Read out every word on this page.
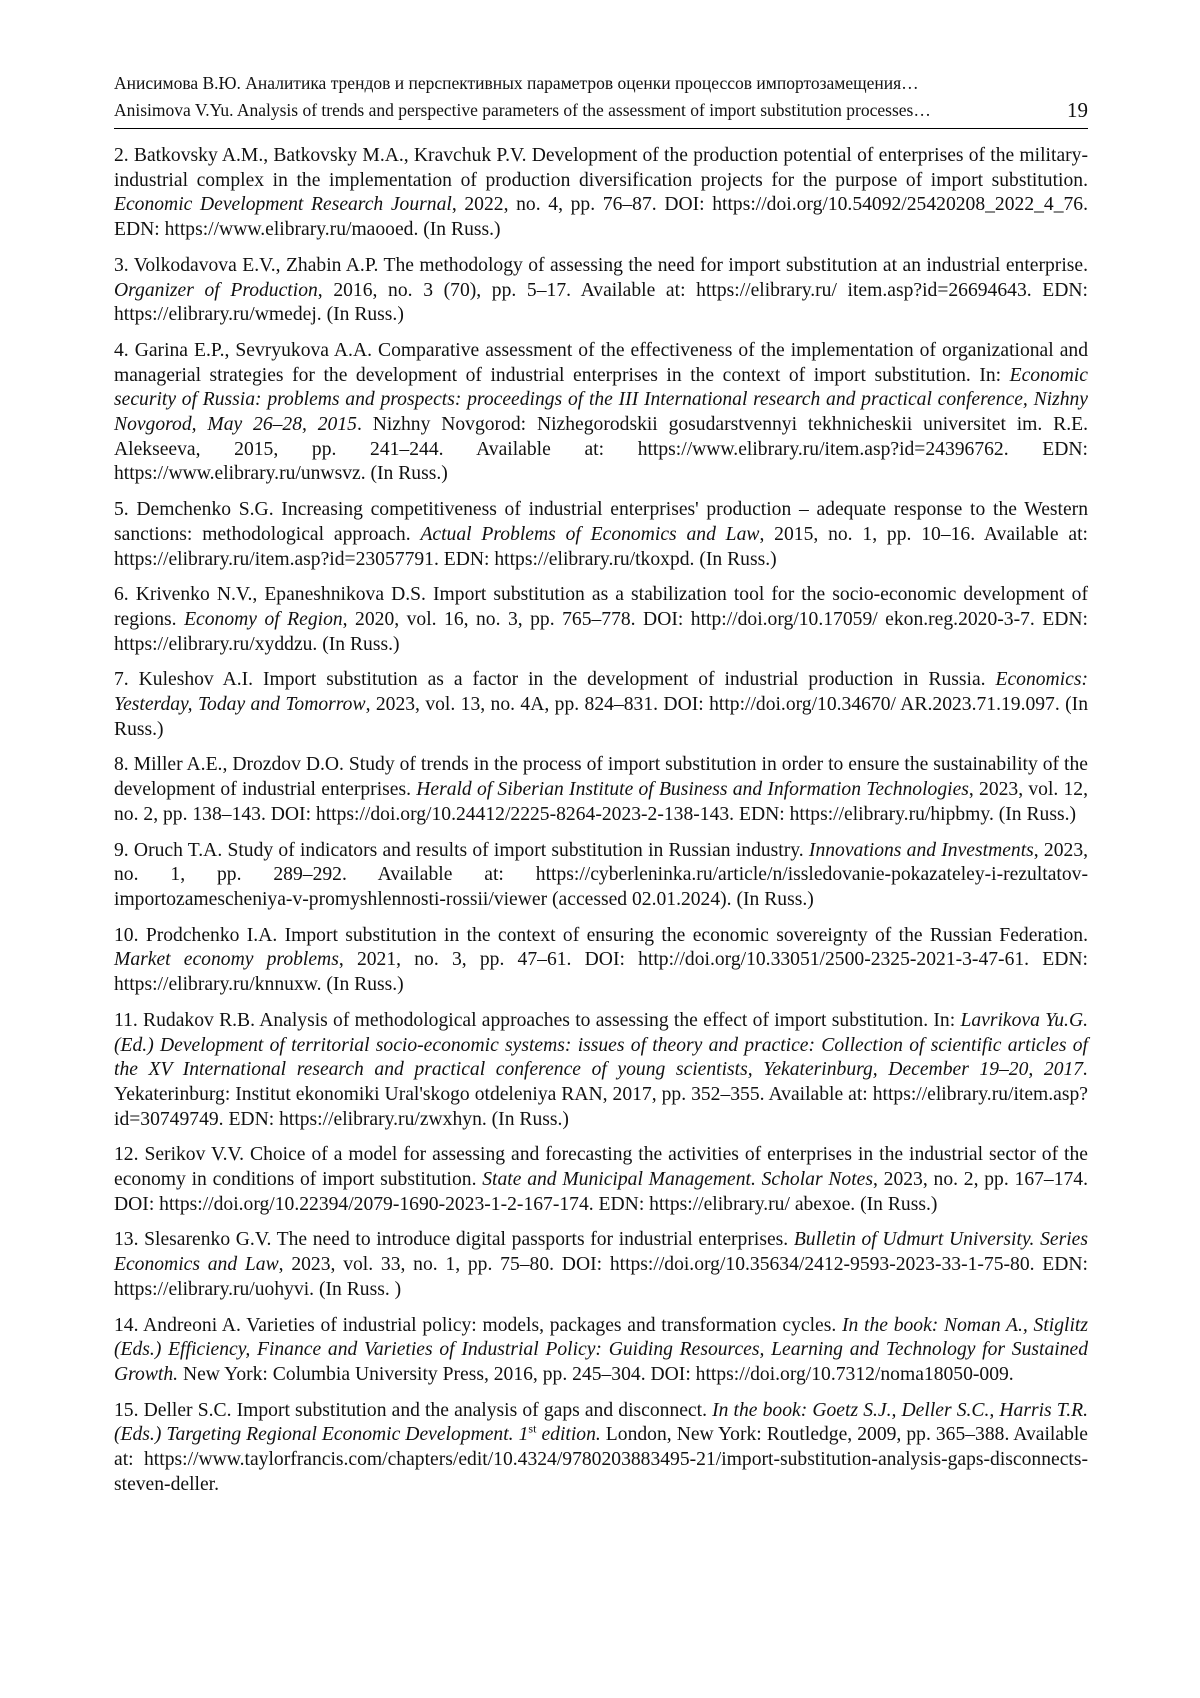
Анисимова В.Ю. Аналитика трендов и перспективных параметров оценки процессов импортозамещения…
Anisimova V.Yu. Analysis of trends and perspective parameters of the assessment of import substitution processes…	19

2. Batkovsky A.M., Batkovsky M.A., Kravchuk P.V. Development of the production potential of enterprises of the military-industrial complex in the implementation of production diversification projects for the purpose of import substitution. Economic Development Research Journal, 2022, no. 4, pp. 76–87. DOI: https://doi.org/10.54092/25420208_2022_4_76. EDN: https://www.elibrary.ru/maooed. (In Russ.)

3. Volkodavova E.V., Zhabin A.P. The methodology of assessing the need for import substitution at an industrial enterprise. Organizer of Production, 2016, no. 3 (70), pp. 5–17. Available at: https://elibrary.ru/ item.asp?id=26694643. EDN: https://elibrary.ru/wmedej. (In Russ.)

4. Garina E.P., Sevryukova A.A. Comparative assessment of the effectiveness of the implementation of organizational and managerial strategies for the development of industrial enterprises in the context of import substitution. In: Economic security of Russia: problems and prospects: proceedings of the III International research and practical conference, Nizhny Novgorod, May 26–28, 2015. Nizhny Novgorod: Nizhegorodskii gosudarstvennyi tekhnicheskii universitet im. R.E. Alekseeva, 2015, pp. 241–244. Available at: https://www.elibrary.ru/item.asp?id=24396762. EDN: https://www.elibrary.ru/unwsvz. (In Russ.)

5. Demchenko S.G. Increasing competitiveness of industrial enterprises' production – adequate response to the Western sanctions: methodological approach. Actual Problems of Economics and Law, 2015, no. 1, pp. 10–16. Available at: https://elibrary.ru/item.asp?id=23057791. EDN: https://elibrary.ru/tkoxpd. (In Russ.)

6. Krivenko N.V., Epaneshnikova D.S. Import substitution as a stabilization tool for the socio-economic development of regions. Economy of Region, 2020, vol. 16, no. 3, pp. 765–778. DOI: http://doi.org/10.17059/ ekon.reg.2020-3-7. EDN: https://elibrary.ru/xyddzu. (In Russ.)

7. Kuleshov A.I. Import substitution as a factor in the development of industrial production in Russia. Economics: Yesterday, Today and Tomorrow, 2023, vol. 13, no. 4A, pp. 824–831. DOI: http://doi.org/10.34670/ AR.2023.71.19.097. (In Russ.)

8. Miller A.E., Drozdov D.O. Study of trends in the process of import substitution in order to ensure the sustainability of the development of industrial enterprises. Herald of Siberian Institute of Business and Information Technologies, 2023, vol. 12, no. 2, pp. 138–143. DOI: https://doi.org/10.24412/2225-8264-2023-2-138-143. EDN: https://elibrary.ru/hipbmy. (In Russ.)

9. Oruch T.A. Study of indicators and results of import substitution in Russian industry. Innovations and Investments, 2023, no. 1, pp. 289–292. Available at: https://cyberleninka.ru/article/n/issledovanie-pokazateley-i-rezultatov-importozamescheniya-v-promyshlennosti-rossii/viewer (accessed 02.01.2024). (In Russ.)

10. Prodchenko I.A. Import substitution in the context of ensuring the economic sovereignty of the Russian Federation. Market economy problems, 2021, no. 3, pp. 47–61. DOI: http://doi.org/10.33051/2500-2325-2021-3-47-61. EDN: https://elibrary.ru/knnuxw. (In Russ.)

11. Rudakov R.B. Analysis of methodological approaches to assessing the effect of import substitution. In: Lavrikova Yu.G. (Ed.) Development of territorial socio-economic systems: issues of theory and practice: Collection of scientific articles of the XV International research and practical conference of young scientists, Yekaterinburg, December 19–20, 2017. Yekaterinburg: Institut ekonomiki Ural'skogo otdeleniya RAN, 2017, pp. 352–355. Available at: https://elibrary.ru/item.asp?id=30749749. EDN: https://elibrary.ru/zwxhyn. (In Russ.)

12. Serikov V.V. Choice of a model for assessing and forecasting the activities of enterprises in the industrial sector of the economy in conditions of import substitution. State and Municipal Management. Scholar Notes, 2023, no. 2, pp. 167–174. DOI: https://doi.org/10.22394/2079-1690-2023-1-2-167-174. EDN: https://elibrary.ru/ abexoe. (In Russ.)

13. Slesarenko G.V. The need to introduce digital passports for industrial enterprises. Bulletin of Udmurt University. Series Economics and Law, 2023, vol. 33, no. 1, pp. 75–80. DOI: https://doi.org/10.35634/2412-9593-2023-33-1-75-80. EDN: https://elibrary.ru/uohyvi. (In Russ. )

14. Andreoni A. Varieties of industrial policy: models, packages and transformation cycles. In the book: Noman A., Stiglitz (Eds.) Efficiency, Finance and Varieties of Industrial Policy: Guiding Resources, Learning and Technology for Sustained Growth. New York: Columbia University Press, 2016, pp. 245–304. DOI: https://doi.org/10.7312/noma18050-009.

15. Deller S.C. Import substitution and the analysis of gaps and disconnect. In the book: Goetz S.J., Deller S.C., Harris T.R. (Eds.) Targeting Regional Economic Development. 1st edition. London, New York: Routledge, 2009, pp. 365–388. Available at: https://www.taylorfrancis.com/chapters/edit/10.4324/9780203883495-21/import-substitution-analysis-gaps-disconnects-steven-deller.
